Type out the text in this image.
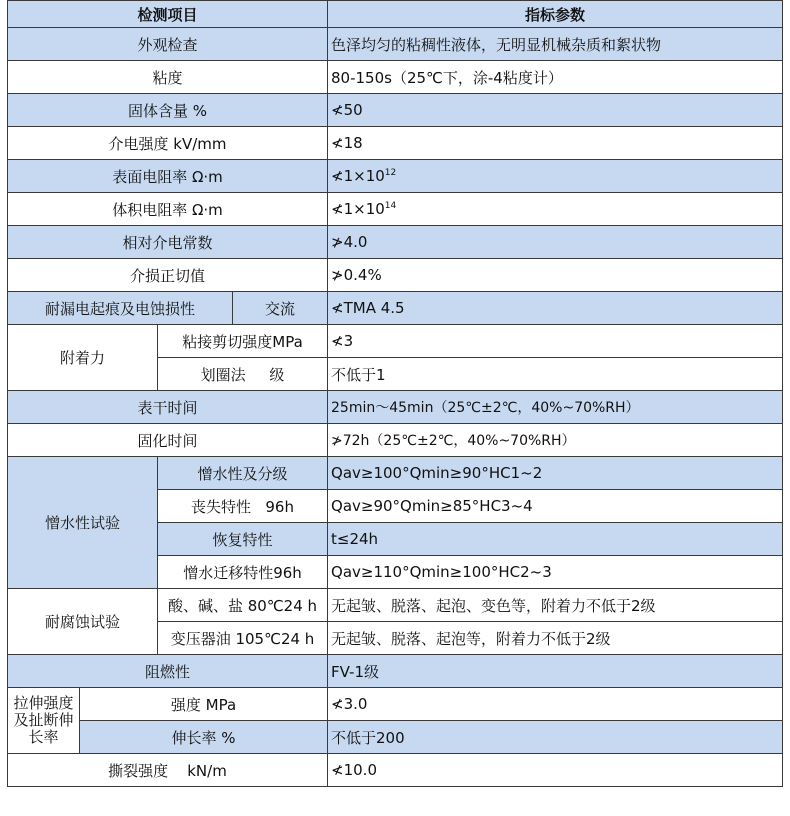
检测项目				指标参数
外观检查				色泽均匀的粘稠性液体，无明显机械杂质和絮状物
粘度				80-150s（25℃下，涂-4粘度计）
固体含量 %				≮50
介电强度 kV/mm				≮18
表面电阻率 Ω·m				$≮1\times 10^{12}$
体积电阻率 Ω·m				$≮1\times 10^{14}$
相对介电常数				≯4.0
介损正切值				≯0.4%
耐漏电起痕及电蚀损性			交流	≮TMA 4.5
附着力		粘接剪切强度MPa		≮3
		划圈法     级		不低于1
表干时间				25min～45min（25℃±2℃，40%~70%RH）
固化时间				≯72h（25℃±2℃，40%~70%RH）
憎水性试验		憎水性及分级		Qav≥100°Qmin≥90°HC1~2
		丧失特性   96h		Qav≥90°Qmin≥85°HC3~4
		恢复特性		t≤24h
		憎水迁移特性96h		Qav≥110°Qmin≥100°HC2~3
耐腐蚀试验		酸、碱、盐 80℃24 h		无起皱、脱落、起泡、变色等，附着力不低于2级
		变压器油 105℃24 h		无起皱、脱落、起泡等，附着力不低于2级
阻燃性				FV-1级
拉伸强度及扯断伸长率	强度 MPa			≮3.0
	伸长率 %			不低于200
撕裂强度    kN/m				≮10.0
